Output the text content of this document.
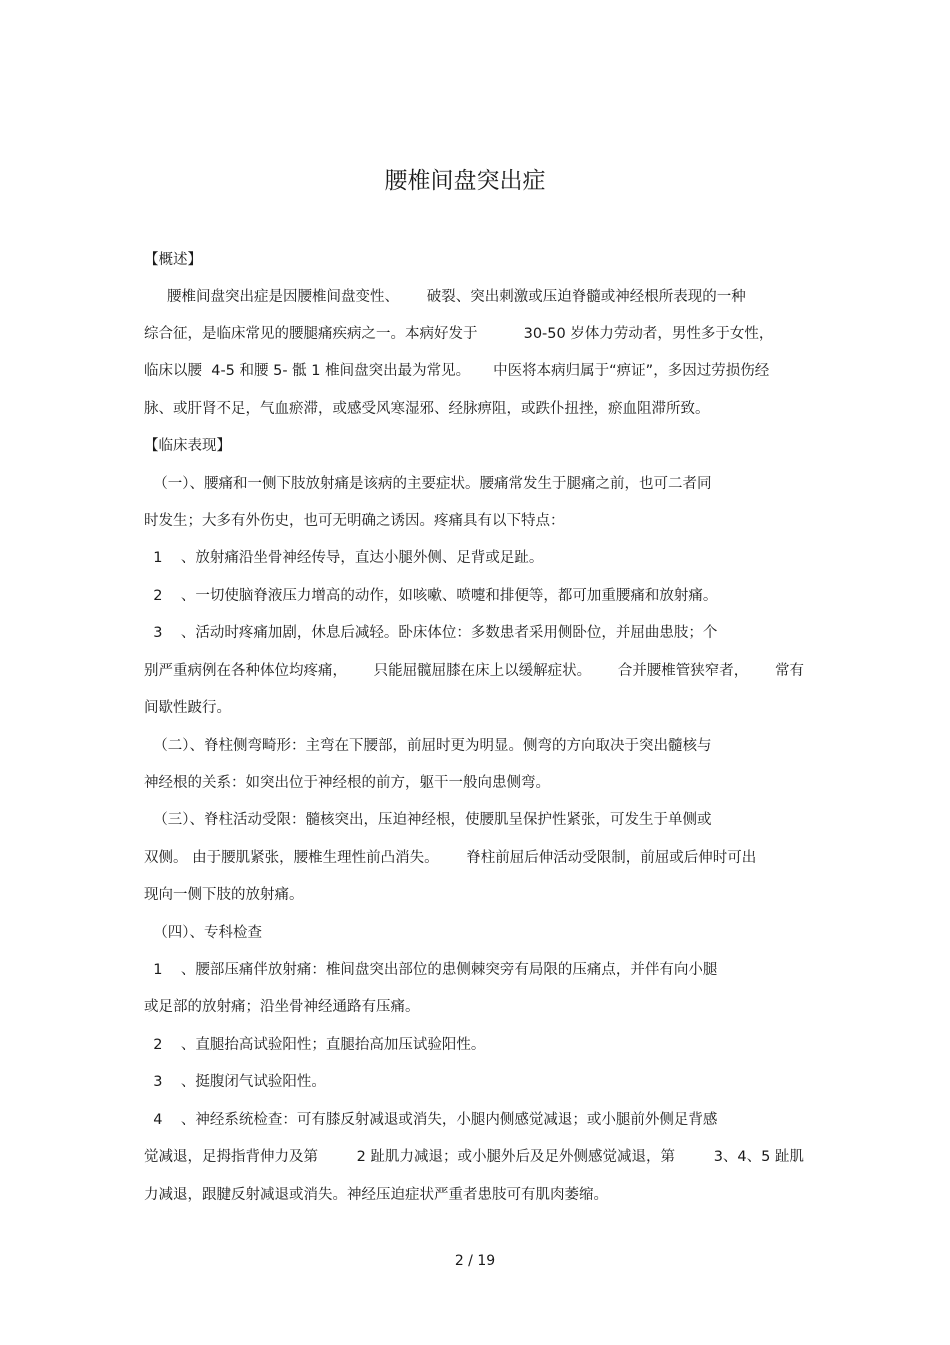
腰椎间盘突出症
【概述】
腰椎间盘突出症是因腰椎间盘变性、      破裂、突出刺激或压迫脊髓或神经根所表现的一种
综合征，是临床常见的腰腿痛疾病之一。本病好发于          30-50 岁体力劳动者，男性多于女性，
临床以腰  4-5 和腰 5- 骶 1 椎间盘突出最为常见。     中医将本病归属于“痹证”，多因过劳损伤经
脉、或肝肾不足，气血瘀滞，或感受风寒湿邪、经脉痹阻，或跌仆扭挫，瘀血阻滞所致。
【临床表现】
（一）、腰痛和一侧下肢放射痛是该病的主要症状。腰痛常发生于腿痛之前，也可二者同
时发生；大多有外伤史，也可无明确之诱因。疼痛具有以下特点：
1    、放射痛沿坐骨神经传导，直达小腿外侧、足背或足趾。
2    、一切使脑脊液压力增高的动作，如咳嗽、喷嚏和排便等，都可加重腰痛和放射痛。
3    、活动时疼痛加剧，休息后减轻。卧床体位：多数患者采用侧卧位，并屈曲患肢；个
别严重病例在各种体位均疼痛， 只能屈髋屈膝在床上以缓解症状。 合并腰椎管狭窄者， 常有
间歇性跛行。
（二）、脊柱侧弯畸形：主弯在下腰部，前屈时更为明显。侧弯的方向取决于突出髓核与
神经根的关系：如突出位于神经根的前方，躯干一般向患侧弯。
（三）、脊柱活动受限：髓核突出，压迫神经根，使腰肌呈保护性紧张，可发生于单侧或
双侧。 由于腰肌紧张，腰椎生理性前凸消失。      脊柱前屈后伸活动受限制，前屈或后伸时可出
现向一侧下肢的放射痛。
（四）、专科检查
1    、腰部压痛伴放射痛：椎间盘突出部位的患侧棘突旁有局限的压痛点，并伴有向小腿
或足部的放射痛；沿坐骨神经通路有压痛。
2    、直腿抬高试验阳性；直腿抬高加压试验阳性。
3    、挺腹闭气试验阳性。
4    、神经系统检查：可有膝反射减退或消失，小腿内侧感觉减退；或小腿前外侧足背感
觉减退，足拇指背伸力及第	2 趾肌力减退；或小腿外后及足外侧感觉减退，第	3、4、5 趾肌
力减退，跟腱反射减退或消失。神经压迫症状严重者患肢可有肌肉萎缩。
2 / 19
